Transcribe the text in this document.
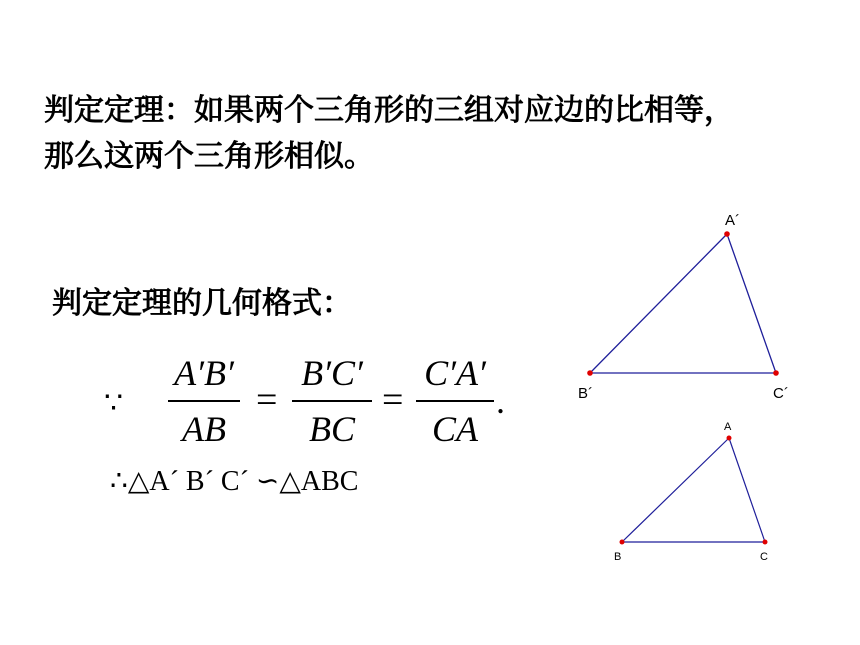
判定定理：如果两个三角形的三组对应边的比相等，
那么这两个三角形相似。
判定定理的几何格式：
∵
A′B′
AB
=
B′C′
BC
=
C′A′
CA
.
∴△A´ B´ C´ ∽△ABC
A´
B´	C´
A
B	C
